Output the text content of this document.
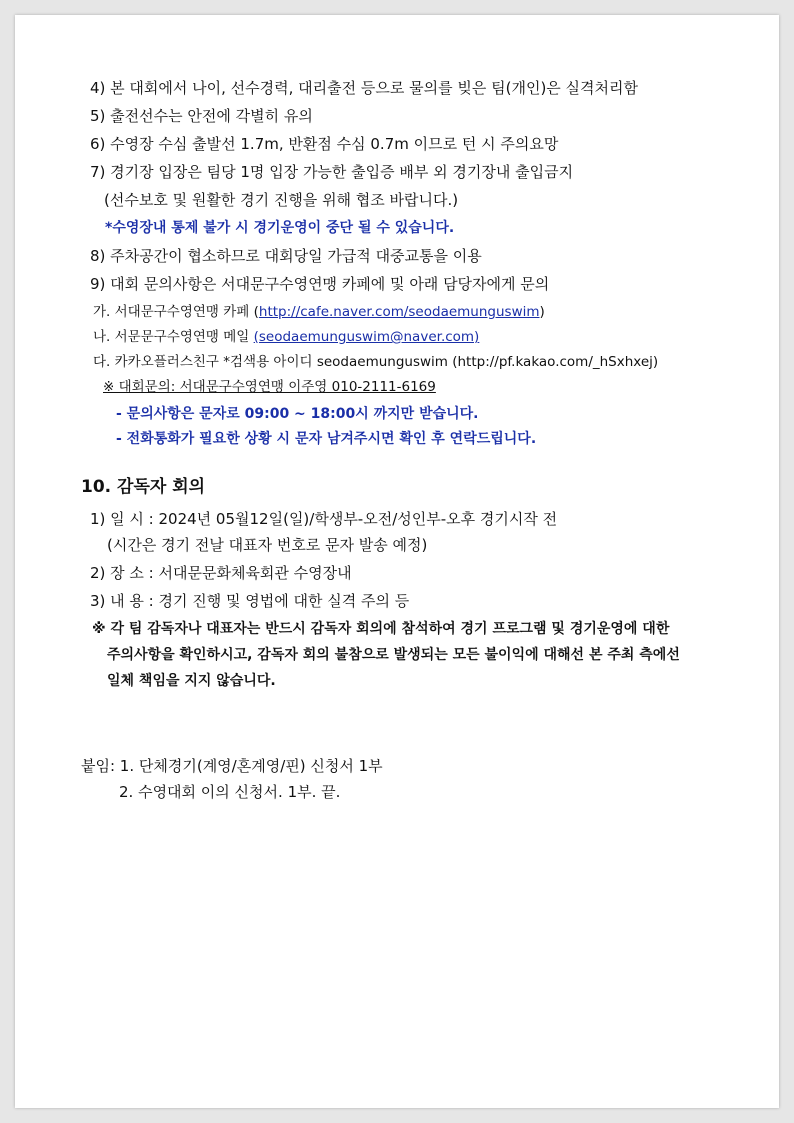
4) 본 대회에서 나이, 선수경력, 대리출전 등으로 물의를 빚은 팀(개인)은 실격처리함
5) 출전선수는 안전에 각별히 유의
6) 수영장 수심 출발선 1.7m, 반환점 수심 0.7m 이므로 턴 시 주의요망
7) 경기장 입장은 팀당 1명 입장 가능한 출입증 배부 외 경기장내 출입금지
(선수보호 및 원활한 경기 진행을 위해 협조 바랍니다.)
*수영장내 통제 불가 시 경기운영이 중단 될 수 있습니다.
8) 주차공간이 협소하므로 대회당일 가급적 대중교통을 이용
9) 대회 문의사항은 서대문구수영연맹 카페에 및 아래 담당자에게 문의
가. 서대문구수영연맹 카페 (http://cafe.naver.com/seodaemunguswim)
나. 서문문구수영연맹 메일 (seodaemunguswim@naver.com)
다. 카카오플러스친구 *검색용 아이디 seodaemunguswim (http://pf.kakao.com/_hSxhxej)
※ 대회문의: 서대문구수영연맹 이주영 010-2111-6169
- 문의사항은 문자로 09:00 ~ 18:00시 까지만 받습니다.
- 전화통화가 필요한 상황 시 문자 남겨주시면 확인 후 연락드립니다.
10. 감독자 회의
1) 일 시 : 2024년 05월12일(일)/학생부-오전/성인부-오후 경기시작 전
(시간은 경기 전날 대표자 번호로 문자 발송 예정)
2) 장 소 : 서대문문화체육회관 수영장내
3) 내 용 : 경기 진행 및 영법에 대한 실격 주의 등
※ 각 팀 감독자나 대표자는 반드시 감독자 회의에 참석하여 경기 프로그램 및 경기운영에 대한
주의사항을 확인하시고, 감독자 회의 불참으로 발생되는 모든 불이익에 대해선 본 주최 측에선
일체 책임을 지지 않습니다.
붙임: 1. 단체경기(계영/혼계영/핀) 신청서 1부
2. 수영대회 이의 신청서. 1부. 끝.
